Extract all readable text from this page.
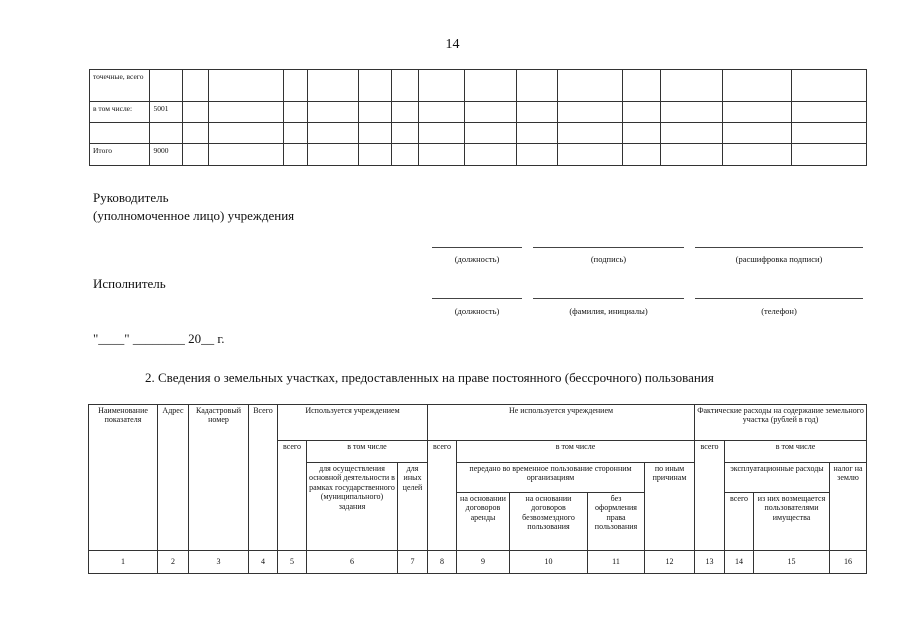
14
точечные, всего															
в том числе:	5001														

Итого	9000														
Руководитель
(уполномоченное лицо) учреждения
(должность)	(подпись)	(расшифровка подписи)
Исполнитель
(должность)	(фамилия, инициалы)	(телефон)
"____" ________ 20__ г.
2. Сведения о земельных участках, предоставленных на праве постоянного (бессрочного) пользования
Наименование показателя	Адрес	Кадастровый номер	Всего	Используется учреждением			Не используется учреждением					Фактические расходы на содержание земельного участка (рублей в год)			
				всего	в том числе		всего	в том числе				всего	в том числе		
					для осуществления основной деятельности в рамках государственного (муниципального) задания	для иных целей		передано во временное пользование сторонним организациям			по иным причинам		эксплуатационные расходы		налог на землю
								на основании договоров аренды	на основании договоров безвозмездного пользования	без оформления права пользования			всего	из них возмещается пользователями имущества	
1	2	3	4	5	6	7	8	9	10	11	12	13	14	15	16
